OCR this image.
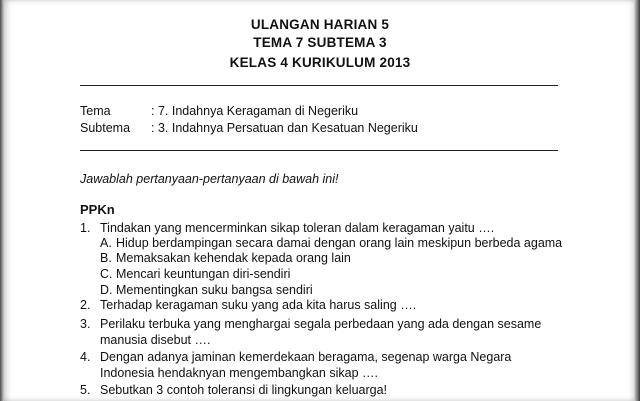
ULANGAN HARIAN 5
TEMA 7 SUBTEMA 3
KELAS 4 KURIKULUM 2013
Tema	: 7. Indahnya Keragaman di Negeriku
Subtema : 3. Indahnya Persatuan dan Kesatuan Negeriku
Jawablah pertanyaan-pertanyaan di bawah ini!
PPKn
1. Tindakan yang mencerminkan sikap toleran dalam keragaman yaitu ….
A. Hidup berdampingan secara damai dengan orang lain meskipun berbeda agama
B. Memaksakan kehendak kepada orang lain
C. Mencari keuntungan diri-sendiri
D. Mementingkan suku bangsa sendiri
2. Terhadap keragaman suku yang ada kita harus saling ….
3. Perilaku terbuka yang menghargai segala perbedaan yang ada dengan sesame
manusia disebut ….
4. Dengan adanya jaminan kemerdekaan beragama, segenap warga Negara
Indonesia hendaknyan mengembangkan sikap ….
5. Sebutkan 3 contoh toleransi di lingkungan keluarga!
